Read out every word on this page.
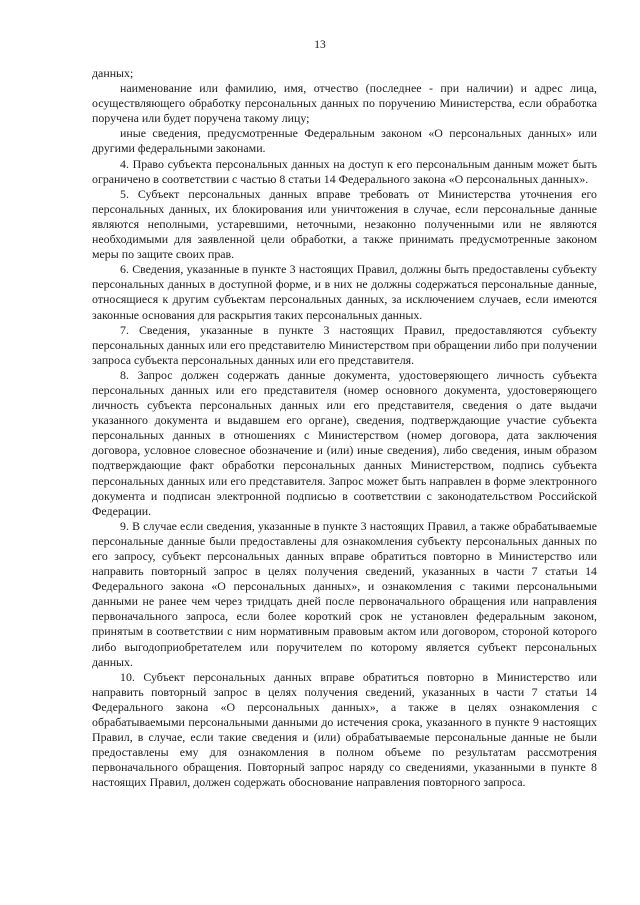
13

данных;

наименование или фамилию, имя, отчество (последнее - при наличии) и адрес лица, осуществляющего обработку персональных данных по поручению Министерства, если обработка поручена или будет поручена такому лицу;

иные сведения, предусмотренные Федеральным законом «О персональных данных» или другими федеральными законами.

4. Право субъекта персональных данных на доступ к его персональным данным может быть ограничено в соответствии с частью 8 статьи 14 Федерального закона «О персональных данных».

5. Субъект персональных данных вправе требовать от Министерства уточнения его персональных данных, их блокирования или уничтожения в случае, если персональные данные являются неполными, устаревшими, неточными, незаконно полученными или не являются необходимыми для заявленной цели обработки, а также принимать предусмотренные законом меры по защите своих прав.

6. Сведения, указанные в пункте 3 настоящих Правил, должны быть предоставлены субъекту персональных данных в доступной форме, и в них не должны содержаться персональные данные, относящиеся к другим субъектам персональных данных, за исключением случаев, если имеются законные основания для раскрытия таких персональных данных.

7. Сведения, указанные в пункте 3 настоящих Правил, предоставляются субъекту персональных данных или его представителю Министерством при обращении либо при получении запроса субъекта персональных данных или его представителя.

8. Запрос должен содержать данные документа, удостоверяющего личность субъекта персональных данных или его представителя (номер основного документа, удостоверяющего личность субъекта персональных данных или его представителя, сведения о дате выдачи указанного документа и выдавшем его органе), сведения, подтверждающие участие субъекта персональных данных в отношениях с Министерством (номер договора, дата заключения договора, условное словесное обозначение и (или) иные сведения), либо сведения, иным образом подтверждающие факт обработки персональных данных Министерством, подпись субъекта персональных данных или его представителя. Запрос может быть направлен в форме электронного документа и подписан электронной подписью в соответствии с законодательством Российской Федерации.

9. В случае если сведения, указанные в пункте 3 настоящих Правил, а также обрабатываемые персональные данные были предоставлены для ознакомления субъекту персональных данных по его запросу, субъект персональных данных вправе обратиться повторно в Министерство или направить повторный запрос в целях получения сведений, указанных в части 7 статьи 14 Федерального закона «О персональных данных», и ознакомления с такими персональными данными не ранее чем через тридцать дней после первоначального обращения или направления первоначального запроса, если более короткий срок не установлен федеральным законом, принятым в соответствии с ним нормативным правовым актом или договором, стороной которого либо выгодоприобретателем или поручителем по которому является субъект персональных данных.

10. Субъект персональных данных вправе обратиться повторно в Министерство или направить повторный запрос в целях получения сведений, указанных в части 7 статьи 14 Федерального закона «О персональных данных», а также в целях ознакомления с обрабатываемыми персональными данными до истечения срока, указанного в пункте 9 настоящих Правил, в случае, если такие сведения и (или) обрабатываемые персональные данные не были предоставлены ему для ознакомления в полном объеме по результатам рассмотрения первоначального обращения. Повторный запрос наряду со сведениями, указанными в пункте 8 настоящих Правил, должен содержать обоснование направления повторного запроса.
